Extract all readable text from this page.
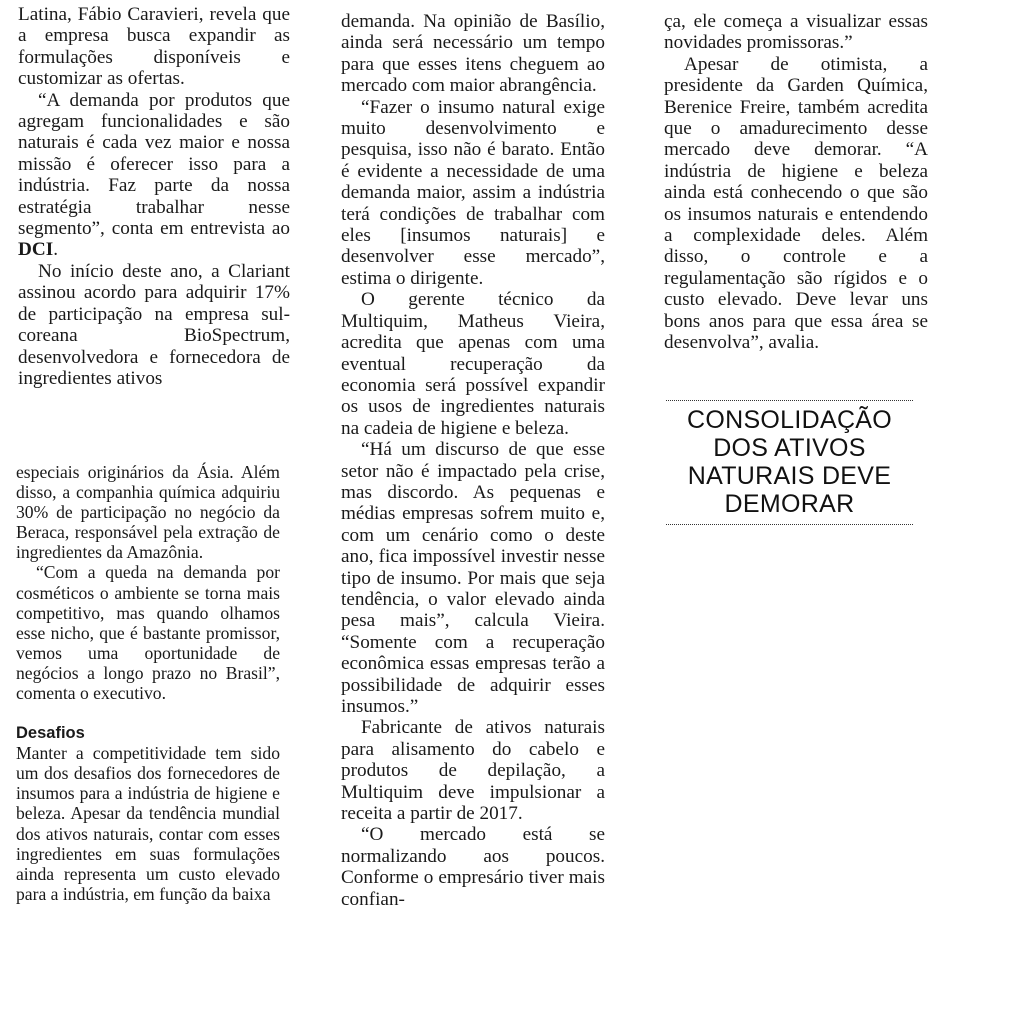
Latina, Fábio Caravieri, revela que a empresa busca expandir as formulações disponíveis e customizar as ofertas.

“A demanda por produtos que agregam funcionalidades e são naturais é cada vez maior e nossa missão é oferecer isso para a indústria. Faz parte da nossa estratégia trabalhar nesse segmento”, conta em entrevista ao DCI.

No início deste ano, a Clariant assinou acordo para adquirir 17% de participação na empresa sul-coreana BioSpectrum, desenvolvedora e fornecedora de ingredientes ativos

especiais originários da Ásia. Além disso, a companhia química adquiriu 30% de participação no negócio da Beraca, responsável pela extração de ingredientes da Amazônia.

“Com a queda na demanda por cosméticos o ambiente se torna mais competitivo, mas quando olhamos esse nicho, que é bastante promissor, vemos uma oportunidade de negócios a longo prazo no Brasil”, comenta o executivo.

Desafios

Manter a competitividade tem sido um dos desafios dos fornecedores de insumos para a indústria de higiene e beleza. Apesar da tendência mundial dos ativos naturais, contar com esses ingredientes em suas formulações ainda representa um custo elevado para a indústria, em função da baixa

demanda. Na opinião de Basílio, ainda será necessário um tempo para que esses itens cheguem ao mercado com maior abrangência.

“Fazer o insumo natural exige muito desenvolvimento e pesquisa, isso não é barato. Então é evidente a necessidade de uma demanda maior, assim a indústria terá condições de trabalhar com eles [insumos naturais] e desenvolver esse mercado”, estima o dirigente.

O gerente técnico da Multiquim, Matheus Vieira, acredita que apenas com uma eventual recuperação da economia será possível expandir os usos de ingredientes naturais na cadeia de higiene e beleza.

“Há um discurso de que esse setor não é impactado pela crise, mas discordo. As pequenas e médias empresas sofrem muito e, com um cenário como o deste ano, fica impossível investir nesse tipo de insumo. Por mais que seja tendência, o valor elevado ainda pesa mais”, calcula Vieira. “Somente com a recuperação econômica essas empresas terão a possibilidade de adquirir esses insumos.”

Fabricante de ativos naturais para alisamento do cabelo e produtos de depilação, a Multiquim deve impulsionar a receita a partir de 2017.

“O mercado está se normalizando aos poucos. Conforme o empresário tiver mais confian-

ça, ele começa a visualizar essas novidades promissoras.”

Apesar de otimista, a presidente da Garden Química, Berenice Freire, também acredita que o amadurecimento desse mercado deve demorar. “A indústria de higiene e beleza ainda está conhecendo o que são os insumos naturais e entendendo a complexidade deles. Além disso, o controle e a regulamentação são rígidos e o custo elevado. Deve levar uns bons anos para que essa área se desenvolva”, avalia.

CONSOLIDAÇÃO
DOS ATIVOS
NATURAIS DEVE
DEMORAR
